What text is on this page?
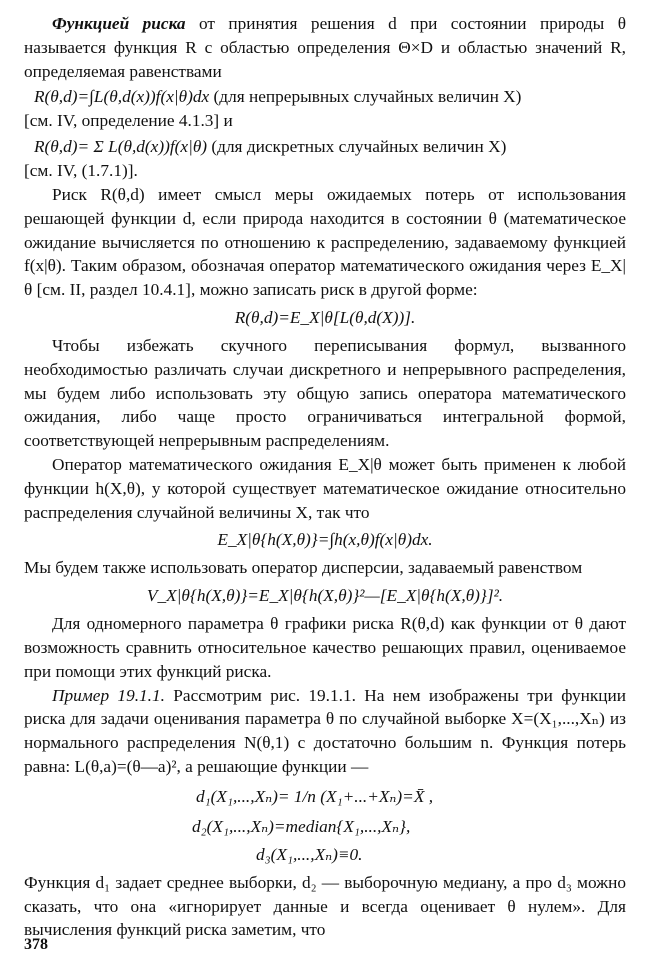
Функцией риска от принятия решения d при состоянии природы θ называется функция R с областью определения Θ×D и областью значений R, определяемая равенствами

R(θ,d)=∫L(θ,d(x))f(x|θ)dx (для непрерывных случайных величин X)

[см. IV, определение 4.1.3] и

R(θ,d)= Σ L(θ,d(x))f(x|θ) (для дискретных случайных величин X)

[см. IV, (1.7.1)].

Риск R(θ,d) имеет смысл меры ожидаемых потерь от использования решающей функции d, если природа находится в состоянии θ (математическое ожидание вычисляется по отношению к распределению, задаваемому функцией f(x|θ). Таким образом, обозначая оператор математического ожидания через E_X|θ [см. II, раздел 10.4.1], можно записать риск в другой форме:

R(θ,d)=E_X|θ[L(θ,d(X))].

Чтобы избежать скучного переписывания формул, вызванного необходимостью различать случаи дискретного и непрерывного распределения, мы будем либо использовать эту общую запись оператора математического ожидания, либо чаще просто ограничиваться интегральной формой, соответствующей непрерывным распределениям.

Оператор математического ожидания E_X|θ может быть применен к любой функции h(X,θ), у которой существует математическое ожидание относительно распределения случайной величины X, так что

E_X|θ{h(X,θ)}=∫h(x,θ)f(x|θ)dx.

Мы будем также использовать оператор дисперсии, задаваемый равенством

V_X|θ{h(X,θ)}=E_X|θ{h(X,θ)}²—[E_X|θ{h(X,θ)}]².

Для одномерного параметра θ графики риска R(θ,d) как функции от θ дают возможность сравнить относительное качество решающих правил, оцениваемое при помощи этих функций риска.

Пример 19.1.1. Рассмотрим рис. 19.1.1. На нем изображены три функции риска для задачи оценивания параметра θ по случайной выборке X=(X₁,...,Xₙ) из нормального распределения N(θ,1) с достаточно большим n. Функция потерь равна: L(θ,a)=(θ—a)², а решающие функции —

d₁(X₁,...,Xₙ)= 1/n (X₁+...+Xₙ)=X̄ ,

d₂(X₁,...,Xₙ)=median{X₁,...,Xₙ},

d₃(X₁,...,Xₙ)≡0.

Функция d₁ задает среднее выборки, d₂ — выборочную медиану, а про d₃ можно сказать, что она «игнорирует данные и всегда оценивает θ нулем». Для вычисления функций риска заметим, что

378
